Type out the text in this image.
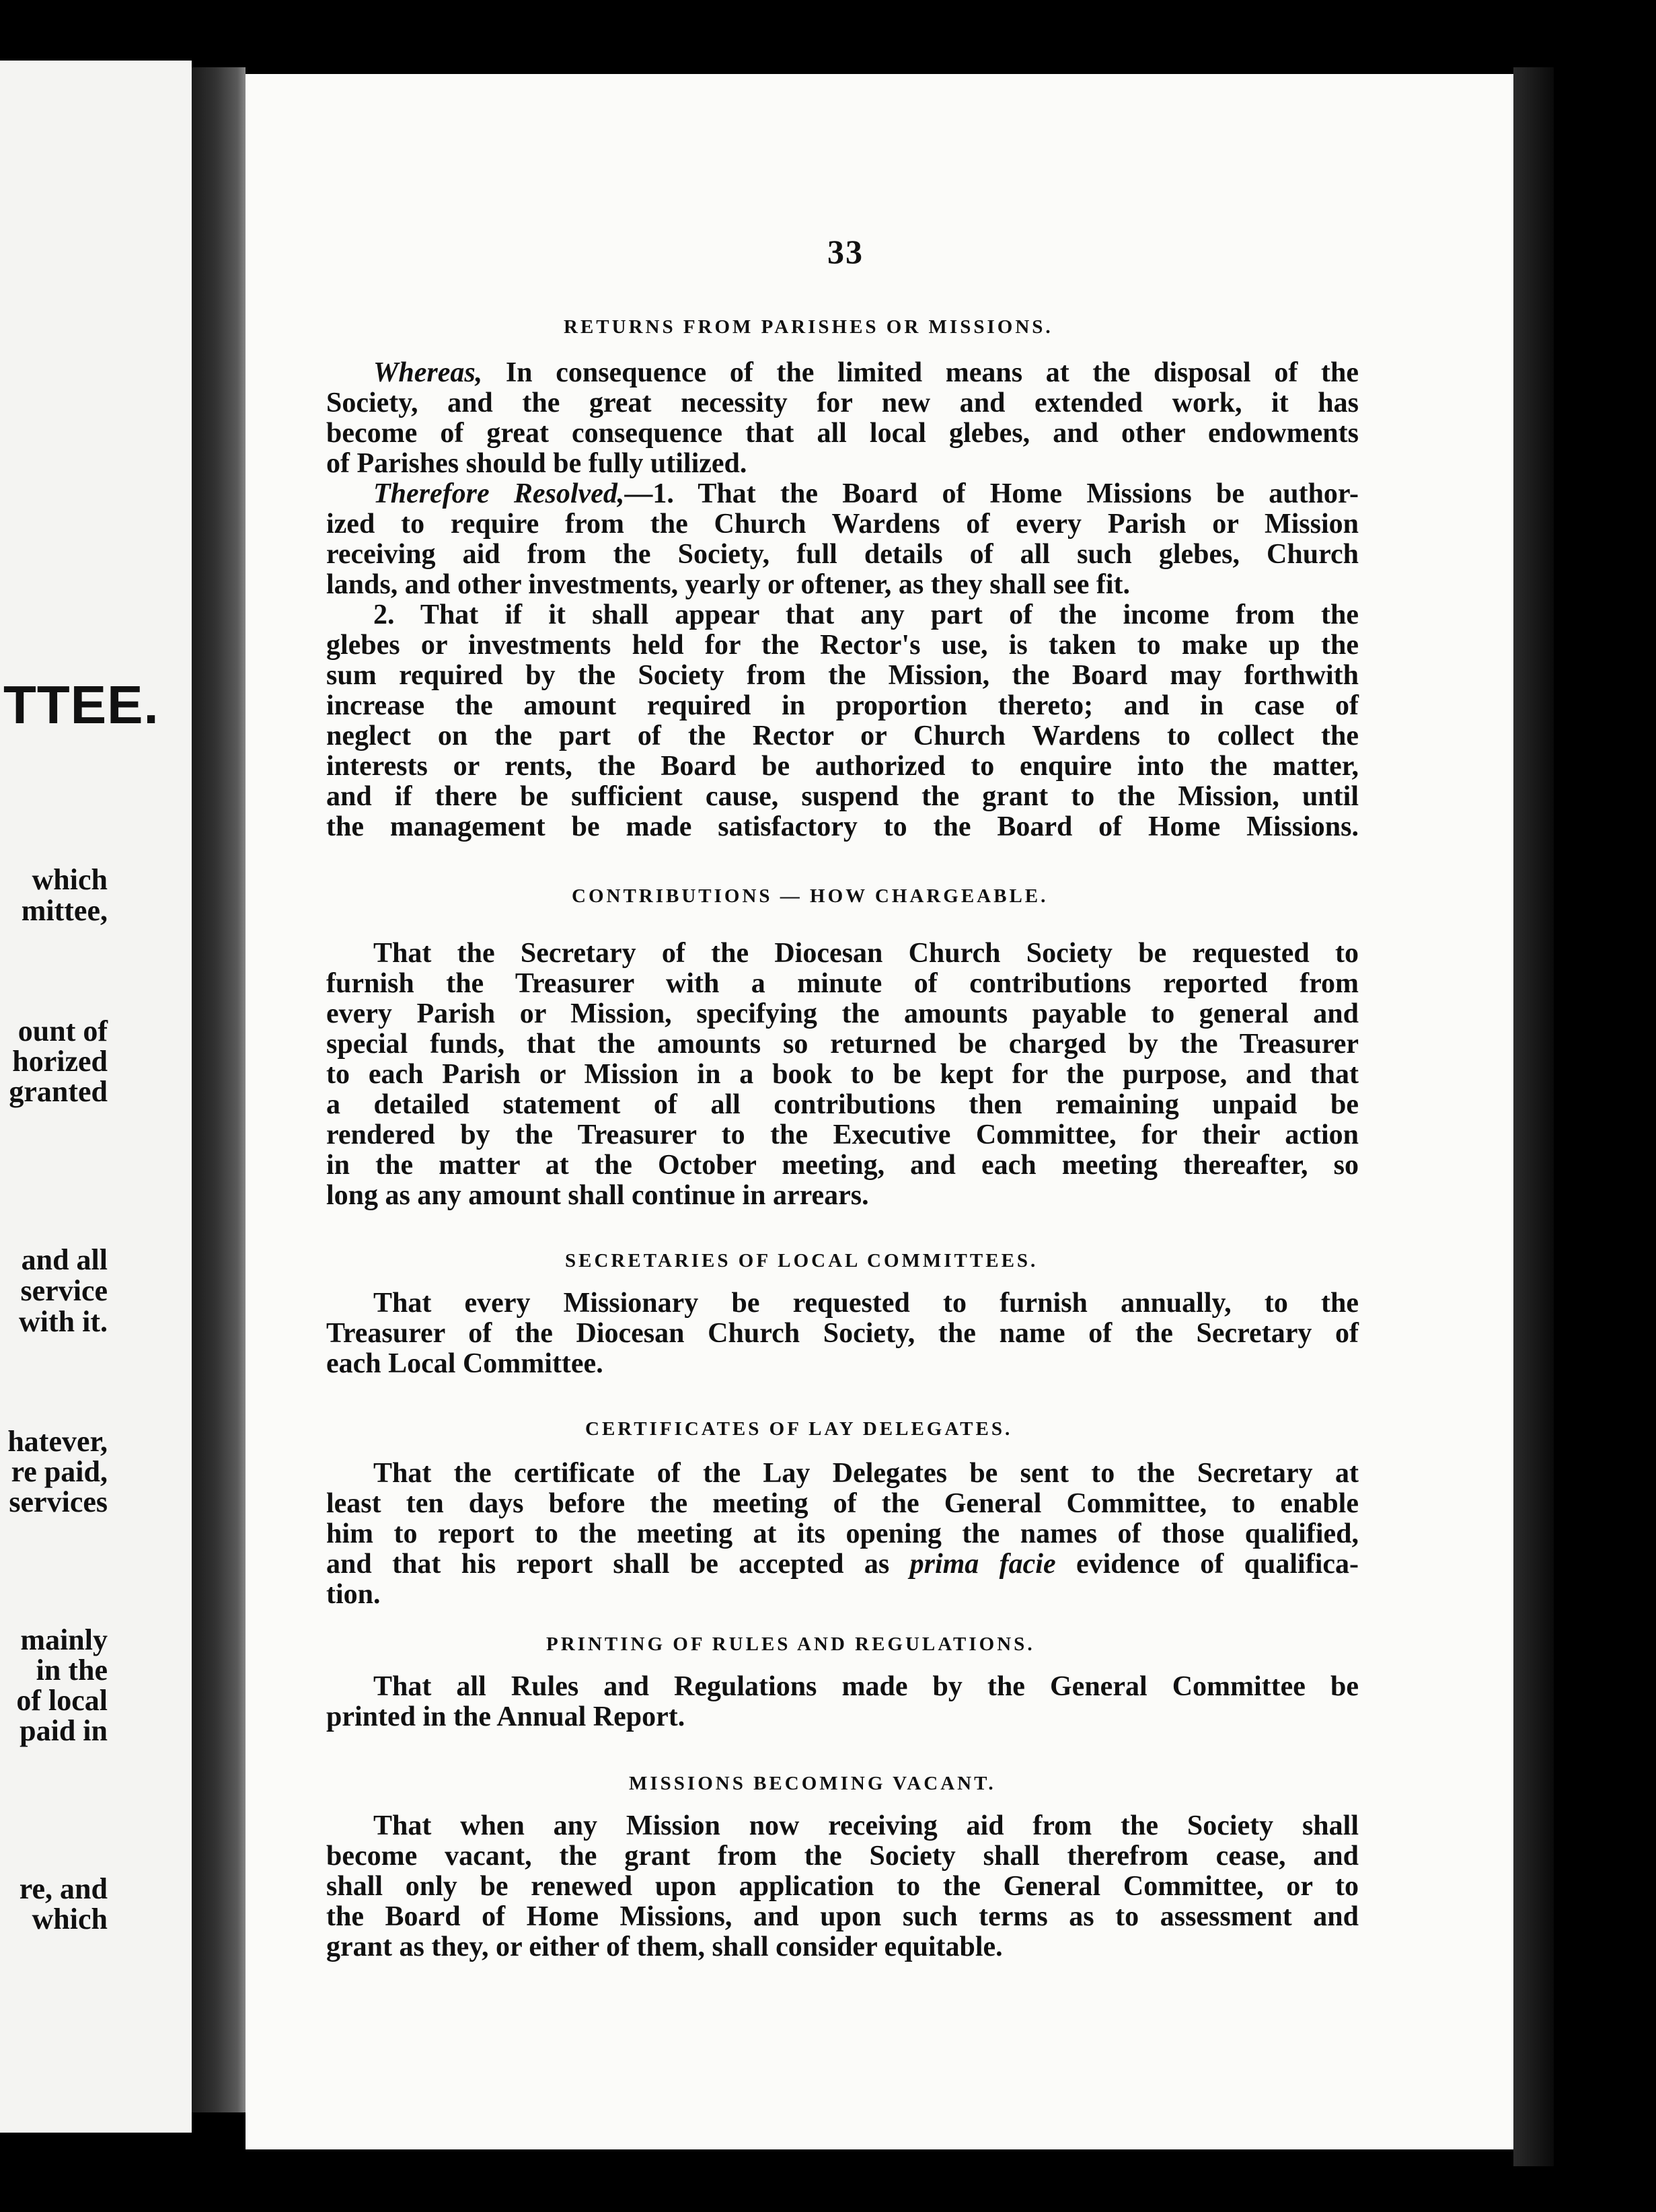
TTEE.
which
mittee,
ount of
horized
granted
and all
service
with it.
hatever,
re paid,
services
mainly
in the
of local
paid in
re, and
which
33
RETURNS FROM PARISHES OR MISSIONS.
Whereas, In consequence of the limited means at the disposal of the
Society, and the great necessity for new and extended work, it has
become of great consequence that all local glebes, and other endowments
of Parishes should be fully utilized.
Therefore Resolved,—1. That the Board of Home Missions be author-
ized to require from the Church Wardens of every Parish or Mission
receiving aid from the Society, full details of all such glebes, Church
lands, and other investments, yearly or oftener, as they shall see fit.
2. That if it shall appear that any part of the income from the
glebes or investments held for the Rector's use, is taken to make up the
sum required by the Society from the Mission, the Board may forthwith
increase the amount required in proportion thereto; and in case of
neglect on the part of the Rector or Church Wardens to collect the
interests or rents, the Board be authorized to enquire into the matter,
and if there be sufficient cause, suspend the grant to the Mission, until
the management be made satisfactory to the Board of Home Missions.
CONTRIBUTIONS — HOW CHARGEABLE.
That the Secretary of the Diocesan Church Society be requested to
furnish the Treasurer with a minute of contributions reported from
every Parish or Mission, specifying the amounts payable to general and
special funds, that the amounts so returned be charged by the Treasurer
to each Parish or Mission in a book to be kept for the purpose, and that
a detailed statement of all contributions then remaining unpaid be
rendered by the Treasurer to the Executive Committee, for their action
in the matter at the October meeting, and each meeting thereafter, so
long as any amount shall continue in arrears.
SECRETARIES OF LOCAL COMMITTEES.
That every Missionary be requested to furnish annually, to the
Treasurer of the Diocesan Church Society, the name of the Secretary of
each Local Committee.
CERTIFICATES OF LAY DELEGATES.
That the certificate of the Lay Delegates be sent to the Secretary at
least ten days before the meeting of the General Committee, to enable
him to report to the meeting at its opening the names of those qualified,
and that his report shall be accepted as prima facie evidence of qualifica-
tion.
PRINTING OF RULES AND REGULATIONS.
That all Rules and Regulations made by the General Committee be
printed in the Annual Report.
MISSIONS BECOMING VACANT.
That when any Mission now receiving aid from the Society shall
become vacant, the grant from the Society shall therefrom cease, and
shall only be renewed upon application to the General Committee, or to
the Board of Home Missions, and upon such terms as to assessment and
grant as they, or either of them, shall consider equitable.
